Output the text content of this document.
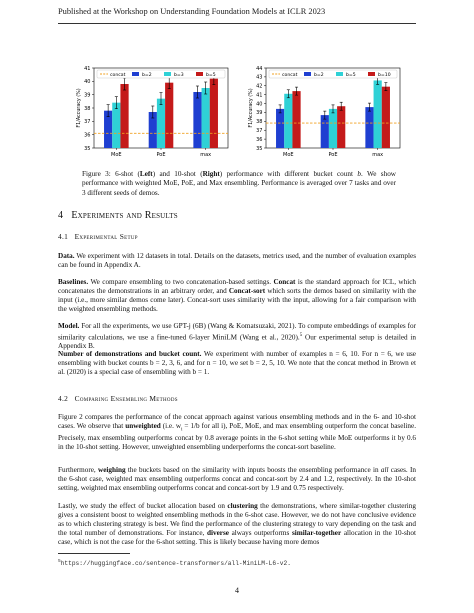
Published at the Workshop on Understanding Foundation Models at ICLR 2023
35
36
37
38
39
40
41
F1/Accuracy (%)
MoE	PoE	max
concat	b=2	b=3	b=5
35
36
37
38
39
40
41
42
43
44
F1/Accuracy (%)
MoE	PoE	max
concat	b=2	b=5	b=10
Figure 3: 6-shot (Left) and 10-shot (Right) performance with different bucket count b. We show performance with weighted MoE, PoE, and Max ensembling. Performance is averaged over 7 tasks and over 3 different seeds of demos.
4 Experiments and Results
4.1 Experimental Setup
Data. We experiment with 12 datasets in total. Details on the datasets, metrics used, and the number of evaluation examples can be found in Appendix A.
Baselines. We compare ensembling to two concatenation-based settings. Concat is the standard approach for ICL, which concatenates the demonstrations in an arbitrary order, and Concat-sort which sorts the demos based on similarity with the input (i.e., more similar demos come later). Concat-sort uses similarity with the input, allowing for a fair comparison with the weighted ensembling methods.
Model. For all the experiments, we use GPT-j (6B) (Wang & Komatsuzaki, 2021). To compute embeddings of examples for similarity calculations, we use a fine-tuned 6-layer MiniLM (Wang et al., 2020).$^5$ Our experimental setup is detailed in Appendix B.
Number of demonstrations and bucket count. We experiment with number of examples n = 6, 10. For n = 6, we use ensembling with bucket counts b = 2, 3, 6, and for n = 10, we set b = 2, 5, 10. We note that the concat method in Brown et al. (2020) is a special case of ensembling with b = 1.
4.2 Comparing Ensembling Methods
Figure 2 compares the performance of the concat approach against various ensembling methods and in the 6- and 10-shot cases. We observe that unweighted (i.e. $w_i = 1/b$ for all i), PoE, MoE, and max ensembling outperform the concat baseline. Precisely, max ensembling outperforms concat by 0.8 average points in the 6-shot setting while MoE outperforms it by 0.6 in the 10-shot setting. However, unweighted ensembling underperforms the concat-sort baseline.
Furthermore, weighing the buckets based on the similarity with inputs boosts the ensembling performance in all cases. In the 6-shot case, weighted max ensembling outperforms concat and concat-sort by 2.4 and 1.2, respectively. In the 10-shot setting, weighted max ensembling outperforms concat and concat-sort by 1.9 and 0.75 respectively.
Lastly, we study the effect of bucket allocation based on clustering the demonstrations, where similar-together clustering gives a consistent boost to weighted ensembling methods in the 6-shot case. However, we do not have conclusive evidence as to which clustering strategy is best. We find the performance of the clustering strategy to vary depending on the task and the total number of demonstrations. For instance, diverse always outperforms similar-together allocation in the 10-shot case, which is not the case for the 6-shot setting. This is likely because having more demos
$^5$https://huggingface.co/sentence-transformers/all-MiniLM-L6-v2.
4
